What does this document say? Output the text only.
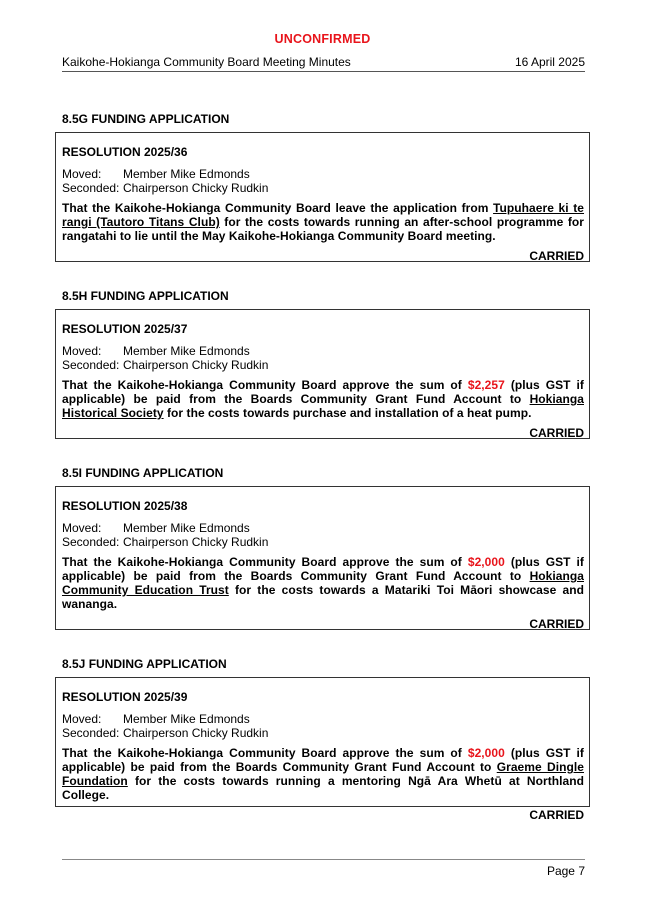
UNCONFIRMED
Kaikohe-Hokianga Community Board Meeting Minutes	16 April 2025
8.5G FUNDING APPLICATION
RESOLUTION 2025/36
Moved: Member Mike Edmonds
Seconded: Chairperson Chicky Rudkin
That the Kaikohe-Hokianga Community Board leave the application from Tupuhaere ki te rangi (Tautoro Titans Club) for the costs towards running an after-school programme for rangatahi to lie until the May Kaikohe-Hokianga Community Board meeting.
CARRIED
8.5H FUNDING APPLICATION
RESOLUTION 2025/37
Moved: Member Mike Edmonds
Seconded: Chairperson Chicky Rudkin
That the Kaikohe-Hokianga Community Board approve the sum of $2,257 (plus GST if applicable) be paid from the Boards Community Grant Fund Account to Hokianga Historical Society for the costs towards purchase and installation of a heat pump.
CARRIED
8.5I FUNDING APPLICATION
RESOLUTION 2025/38
Moved: Member Mike Edmonds
Seconded: Chairperson Chicky Rudkin
That the Kaikohe-Hokianga Community Board approve the sum of $2,000 (plus GST if applicable) be paid from the Boards Community Grant Fund Account to Hokianga Community Education Trust for the costs towards a Matariki Toi Māori showcase and wananga.
CARRIED
8.5J FUNDING APPLICATION
RESOLUTION 2025/39
Moved: Member Mike Edmonds
Seconded: Chairperson Chicky Rudkin
That the Kaikohe-Hokianga Community Board approve the sum of $2,000 (plus GST if applicable) be paid from the Boards Community Grant Fund Account to Graeme Dingle Foundation for the costs towards running a mentoring Ngā Ara Whetū at Northland College.
CARRIED
Page 7
